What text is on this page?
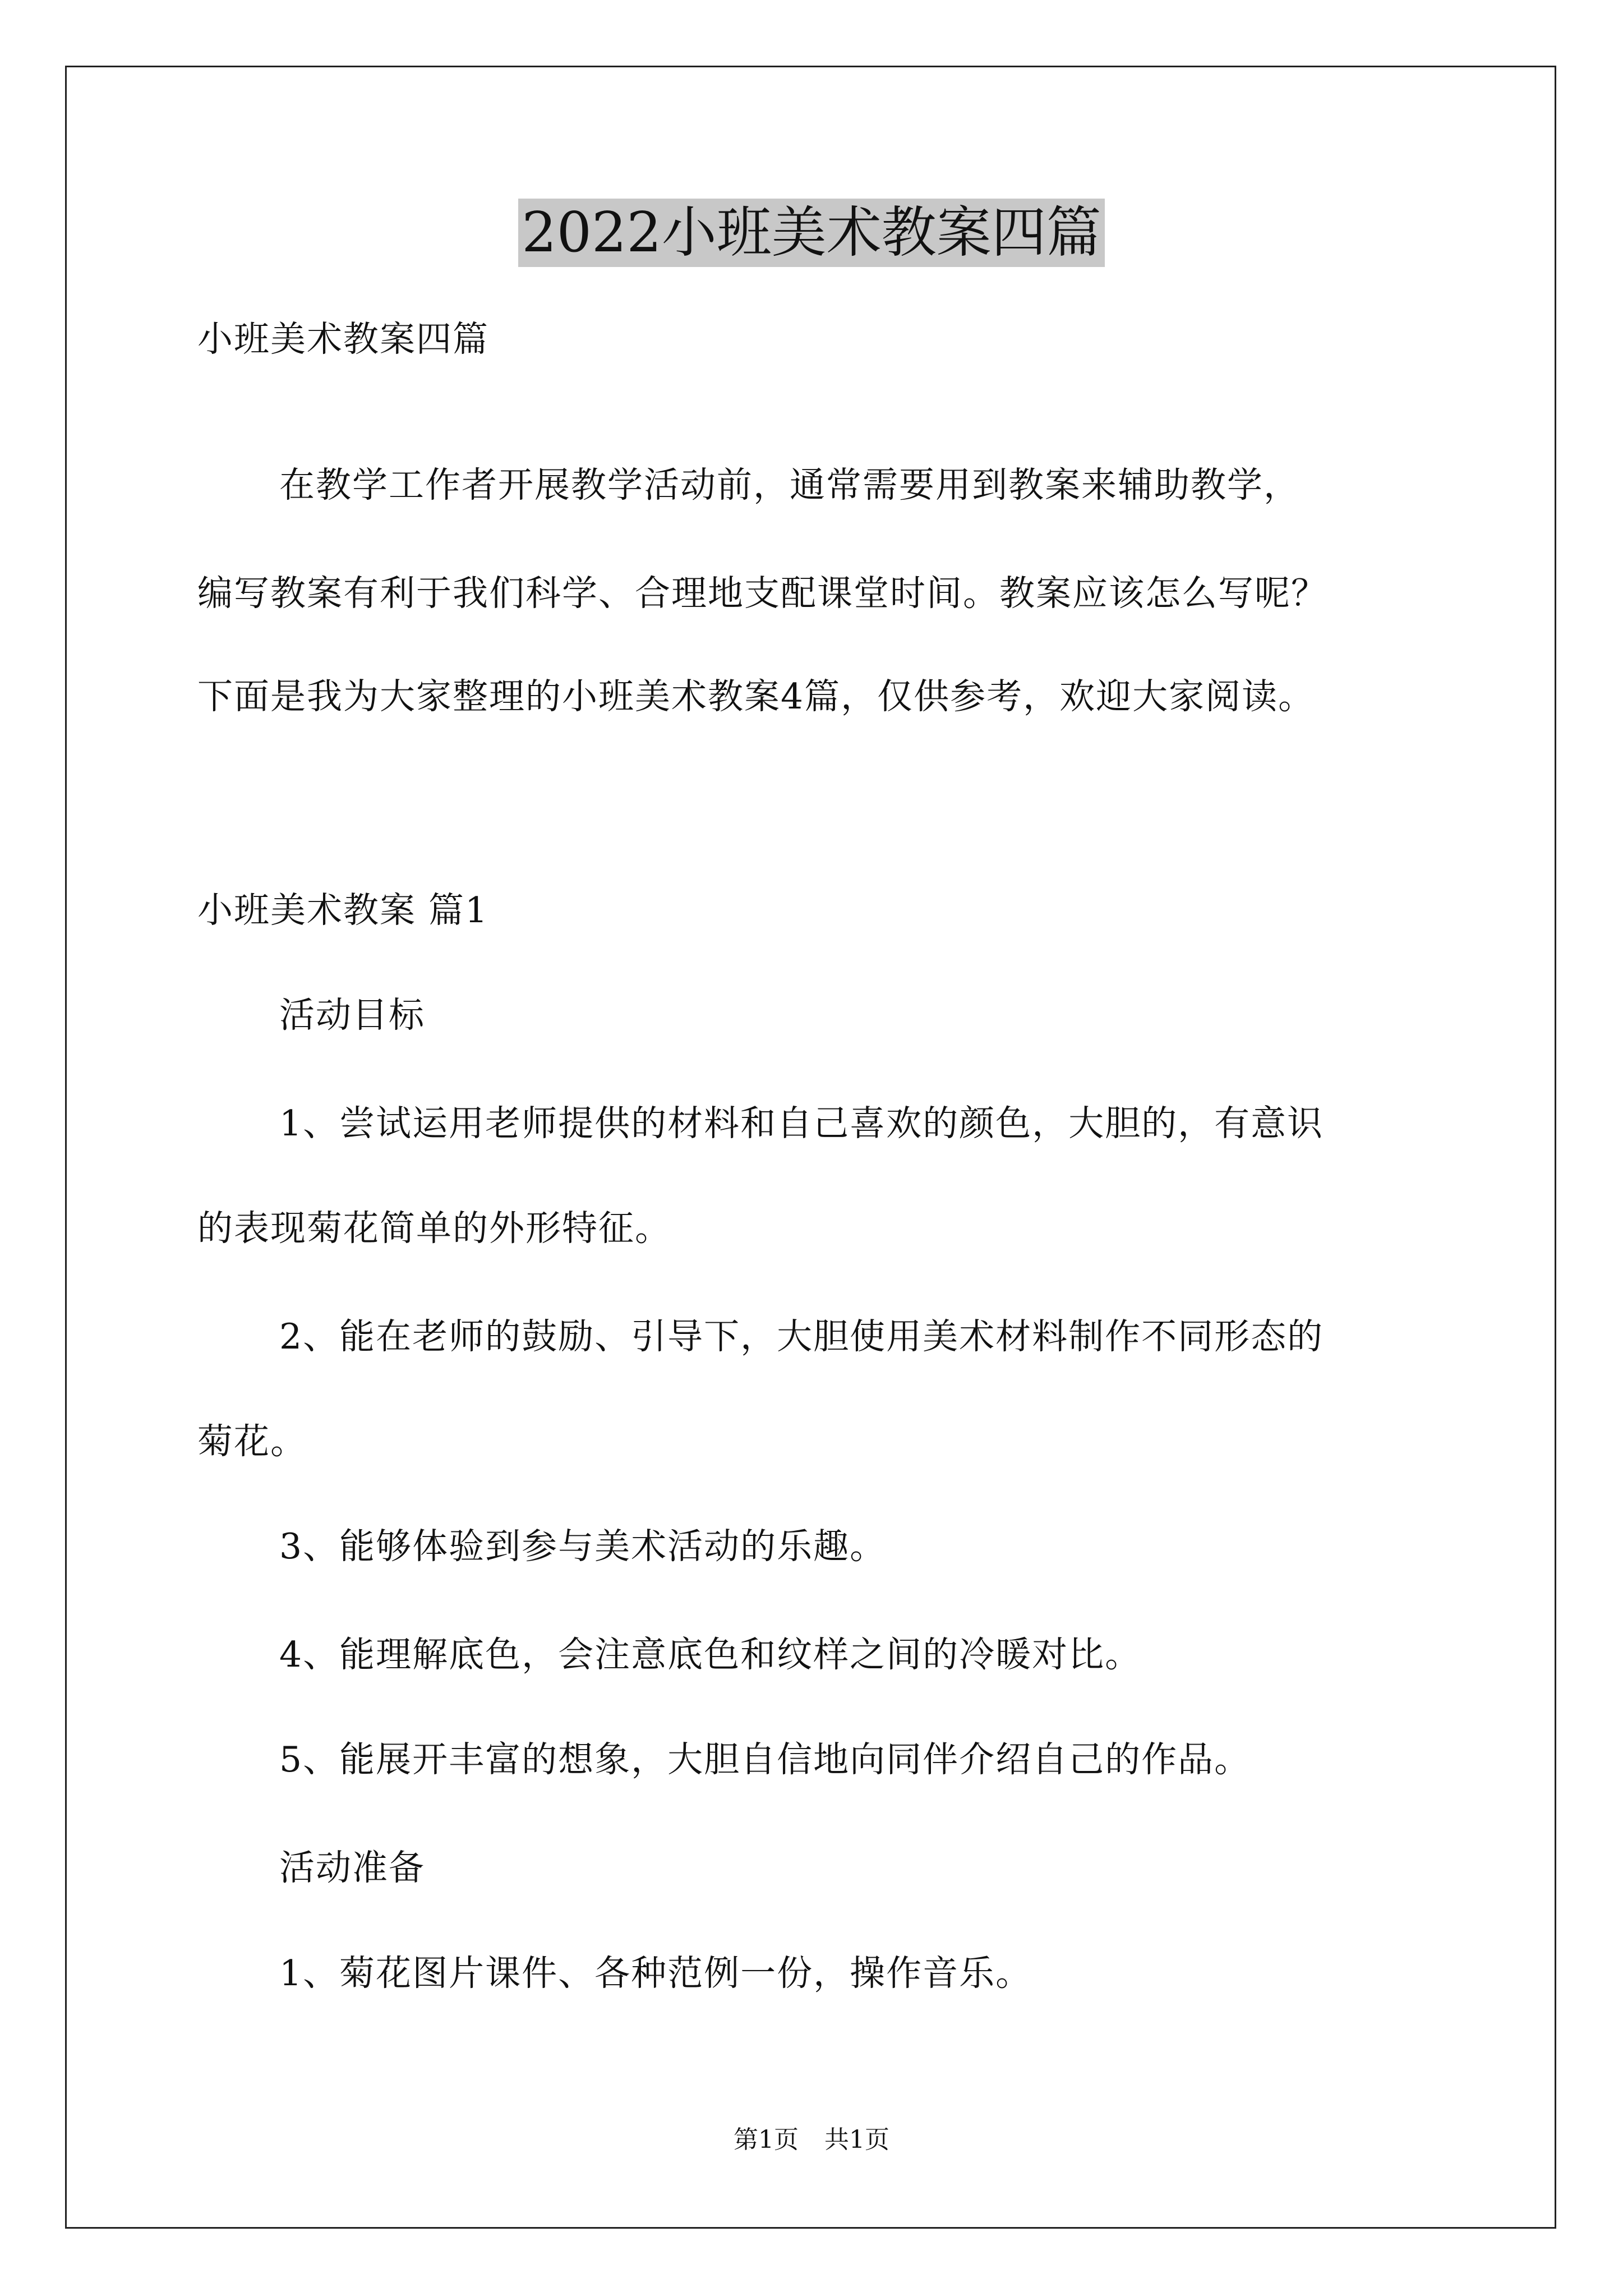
2022小班美术教案四篇
小班美术教案四篇
在教学工作者开展教学活动前，通常需要用到教案来辅助教学，
编写教案有利于我们科学、合理地支配课堂时间。教案应该怎么写呢？
下面是我为大家整理的小班美术教案4篇，仅供参考，欢迎大家阅读。
小班美术教案 篇1
活动目标
1、尝试运用老师提供的材料和自己喜欢的颜色，大胆的，有意识
的表现菊花简单的外形特征。
2、能在老师的鼓励、引导下，大胆使用美术材料制作不同形态的
菊花。
3、能够体验到参与美术活动的乐趣。
4、能理解底色，会注意底色和纹样之间的冷暖对比。
5、能展开丰富的想象，大胆自信地向同伴介绍自己的作品。
活动准备
1、菊花图片课件、各种范例一份，操作音乐。
第1页 共1页
